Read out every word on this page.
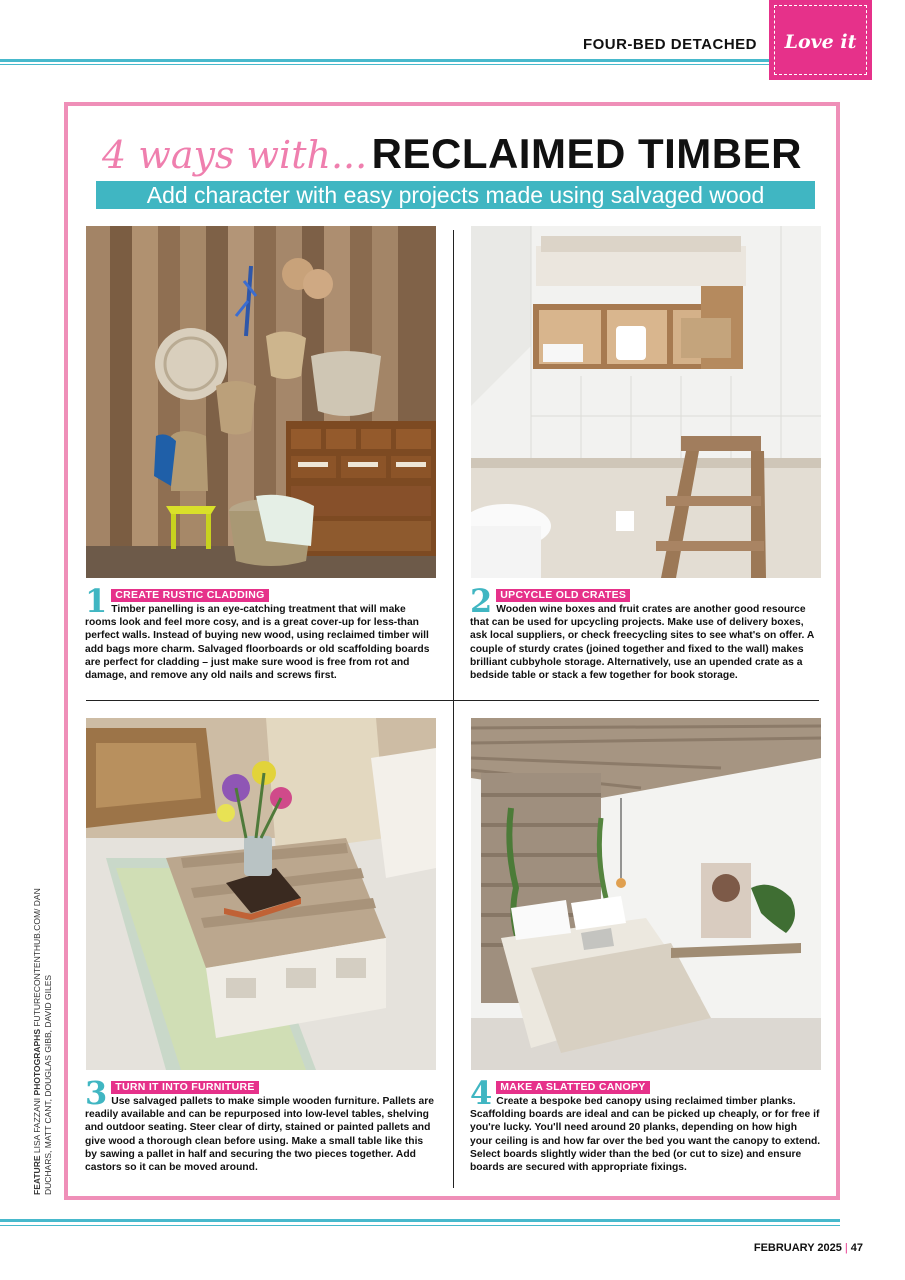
FOUR-BED DETACHED	Love it
4 ways with... RECLAIMED TIMBER
Add character with easy projects made using salvaged wood
1 CREATE RUSTIC CLADDING
Timber panelling is an eye-catching treatment that will make rooms look and feel more cosy, and is a great cover-up for less-than perfect walls. Instead of buying new wood, using reclaimed timber will add bags more charm. Salvaged floorboards or old scaffolding boards are perfect for cladding – just make sure wood is free from rot and damage, and remove any old nails and screws first.
2 UPCYCLE OLD CRATES
Wooden wine boxes and fruit crates are another good resource that can be used for upcycling projects. Make use of delivery boxes, ask local suppliers, or check freecycling sites to see what's on offer. A couple of sturdy crates (joined together and fixed to the wall) makes brilliant cubbyhole storage. Alternatively, use an upended crate as a bedside table or stack a few together for book storage.
3 TURN IT INTO FURNITURE
Use salvaged pallets to make simple wooden furniture. Pallets are readily available and can be repurposed into low-level tables, shelving and outdoor seating. Steer clear of dirty, stained or painted pallets and give wood a thorough clean before using. Make a small table like this by sawing a pallet in half and securing the two pieces together. Add castors so it can be moved around.
4 MAKE A SLATTED CANOPY
Create a bespoke bed canopy using reclaimed timber planks. Scaffolding boards are ideal and can be picked up cheaply, or for free if you're lucky. You'll need around 20 planks, depending on how high your ceiling is and how far over the bed you want the canopy to extend. Select boards slightly wider than the bed (or cut to size) and ensure boards are secured with appropriate fixings.
FEATURE LISA FAZZANI PHOTOGRAPHS FUTURECONTENTHUB.COM/ DAN DUCHARS, MATT CANT, DOUGLAS GIBB, DAVID GILES
FEBRUARY 2025 | 47
